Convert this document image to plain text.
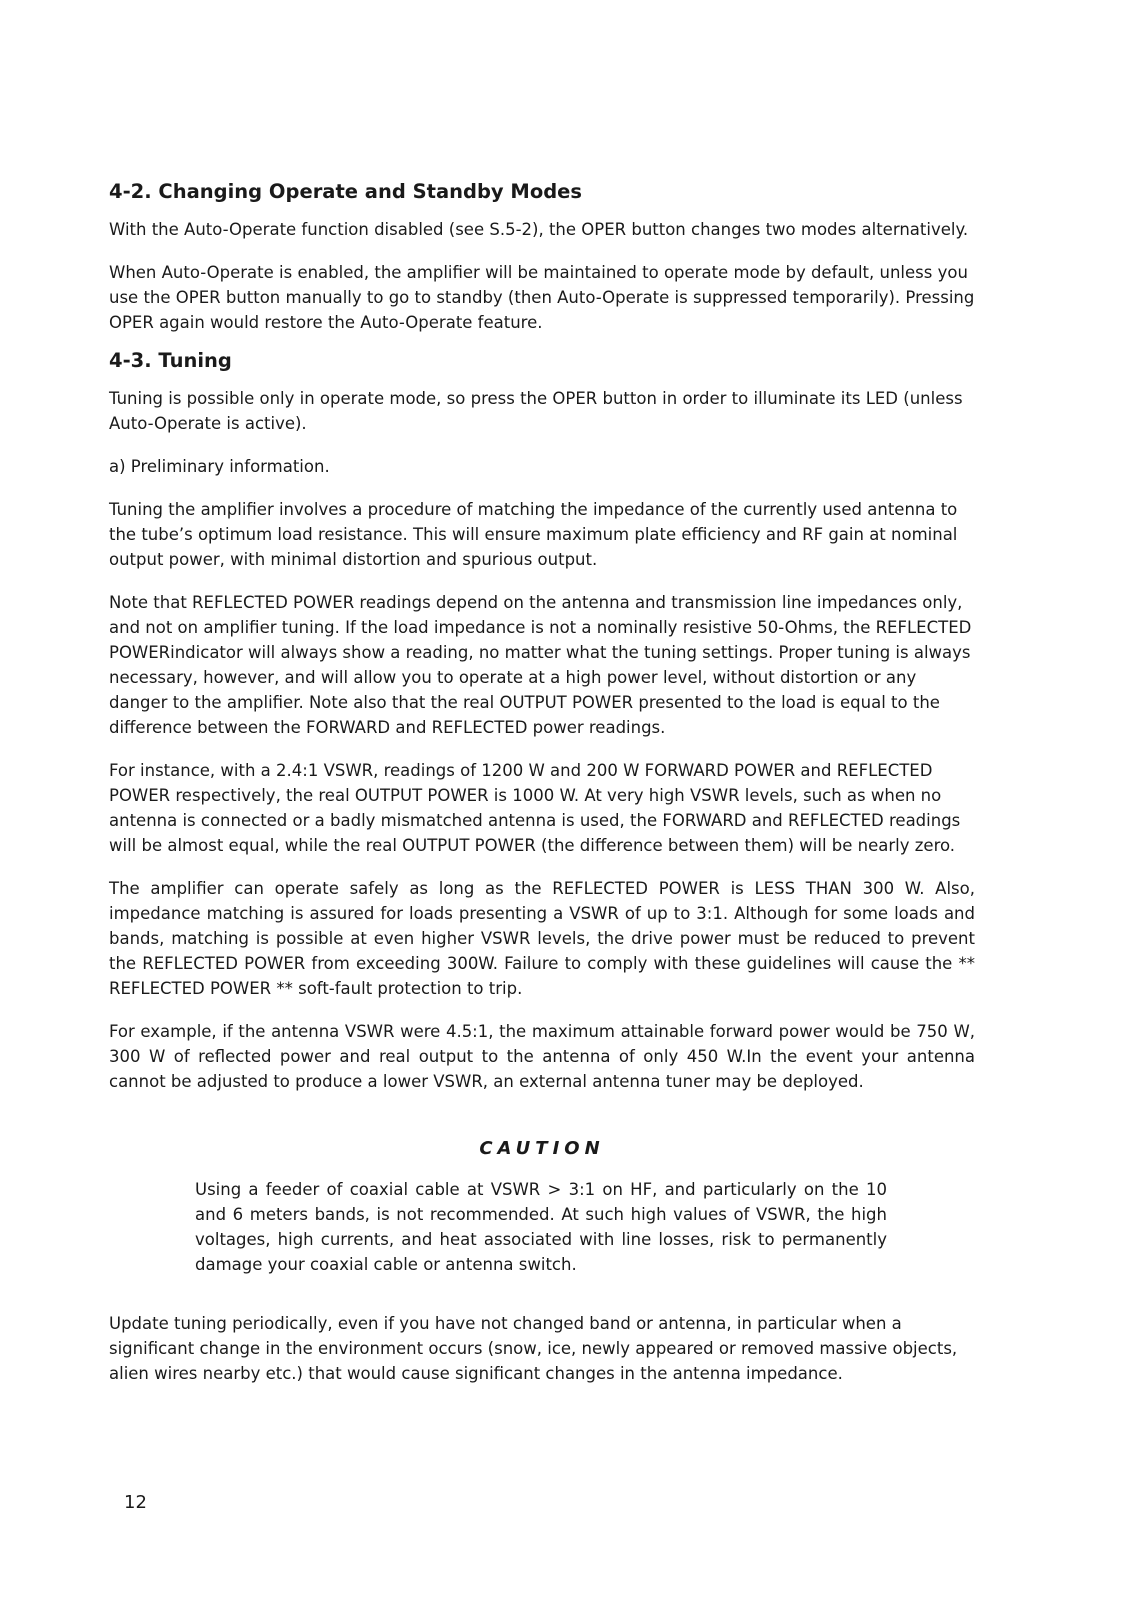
4-2. Changing Operate and Standby Modes

With the Auto-Operate function disabled (see S.5-2), the OPER button changes two modes alternatively.

When Auto-Operate is enabled, the amplifier will be maintained to operate mode by default, unless you use the OPER button manually to go to standby (then Auto-Operate is suppressed temporarily). Pressing OPER again would restore the Auto-Operate feature.

4-3. Tuning

Tuning is possible only in operate mode, so press the OPER button in order to illuminate its LED (unless Auto-Operate is active).

a) Preliminary information.

Tuning the amplifier involves a procedure of matching the impedance of the currently used antenna to the tube’s optimum load resistance. This will ensure maximum plate efficiency and RF gain at nominal output power, with minimal distortion and spurious output.

Note that REFLECTED POWER readings depend on the antenna and transmission line impedances only, and not on amplifier tuning. If the load impedance is not a nominally resistive 50-Ohms, the REFLECTED POWERindicator will always show a reading, no matter what the tuning settings. Proper tuning is always necessary, however, and will allow you to operate at a high power level, without distortion or any danger to the amplifier. Note also that the real OUTPUT POWER presented to the load is equal to the difference between the FORWARD and REFLECTED power readings.

For instance, with a 2.4:1 VSWR, readings of 1200 W and 200 W FORWARD POWER and REFLECTED POWER respectively, the real OUTPUT POWER is 1000 W. At very high VSWR levels, such as when no antenna is connected or a badly mismatched antenna is used, the FORWARD and REFLECTED readings will be almost equal, while the real OUTPUT POWER (the difference between them) will be nearly zero.

The amplifier can operate safely as long as the REFLECTED POWER is LESS THAN 300 W. Also, impedance matching is assured for loads presenting a VSWR of up to 3:1. Although for some loads and bands, matching is possible at even higher VSWR levels, the drive power must be reduced to prevent the REFLECTED POWER from exceeding 300W. Failure to comply with these guidelines will cause the ** REFLECTED POWER ** soft-fault protection to trip.

For example, if the antenna VSWR were 4.5:1, the maximum attainable forward power would be 750 W, 300 W of reflected power and real output to the antenna of only 450 W.In the event your antenna cannot be adjusted to produce a lower VSWR, an external antenna tuner may be deployed.

CAUTION
Using a feeder of coaxial cable at VSWR > 3:1 on HF, and particularly on the 10 and 6 meters bands, is not recommended. At such high values of VSWR, the high voltages, high currents, and heat associated with line losses, risk to permanently damage your coaxial cable or antenna switch.

Update tuning periodically, even if you have not changed band or antenna, in particular when a significant change in the environment occurs (snow, ice, newly appeared or removed massive objects, alien wires nearby etc.) that would cause significant changes in the antenna impedance.

12
